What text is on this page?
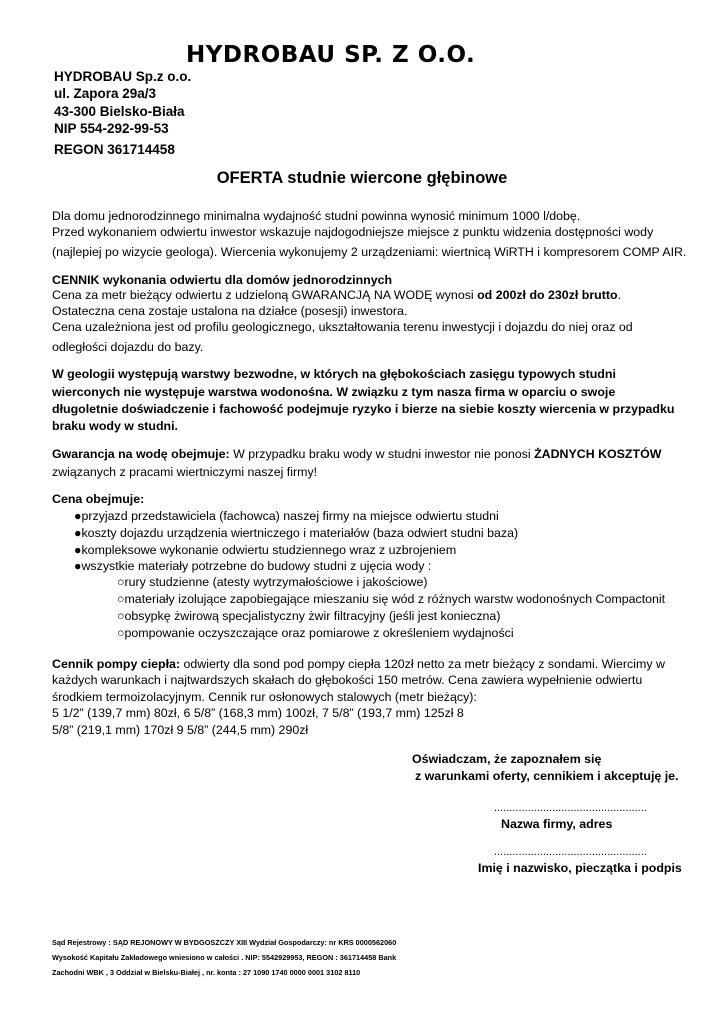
HYDROBAU SP. Z O.O.
HYDROBAU Sp.z o.o.
ul. Zapora 29a/3
43-300 Bielsko-Biała
NIP 554-292-99-53
REGON 361714458
OFERTA studnie wiercone głębinowe
Dla domu jednorodzinnego minimalna wydajność studni powinna wynosić minimum 1000 l/dobę.
Przed wykonaniem odwiertu inwestor wskazuje najdogodniejsze miejsce z punktu widzenia dostępności wody
(najlepiej po wizycie geologa). Wiercenia wykonujemy 2 urządzeniami: wiertnicą WiRTH i kompresorem COMP AIR.
CENNIK wykonania odwiertu dla domów jednorodzinnych
Cena za metr bieżący odwiertu z udzieloną GWARANCJĄ NA WODĘ wynosi od 200zł do 230zł brutto.
Ostateczna cena zostaje ustalona na działce (posesji) inwestora.
Cena uzależniona jest od profilu geologicznego, ukształtowania terenu inwestycji i dojazdu do niej oraz od
odległości dojazdu do bazy.
W geologii występują warstwy bezwodne, w których na głębokościach zasięgu typowych studni
wierconych nie występuje warstwa wodonośna. W związku z tym nasza firma w oparciu o swoje
długoletnie doświadczenie i fachowość podejmuje ryzyko i bierze na siebie koszty wiercenia w przypadku
braku wody w studni.
Gwarancja na wodę obejmuje: W przypadku braku wody w studni inwestor nie ponosi ŻADNYCH KOSZTÓW
związanych z pracami wiertniczymi naszej firmy!
Cena obejmuje:
●przyjazd przedstawiciela (fachowca) naszej firmy na miejsce odwiertu studni
●koszty dojazdu urządzenia wiertniczego i materiałów (baza odwiert studni baza)
●kompleksowe wykonanie odwiertu studziennego wraz z uzbrojeniem
●wszystkie materiały potrzebne do budowy studni z ujęcia wody :
○rury studzienne (atesty wytrzymałościowe i jakościowe)
○materiały izolujące zapobiegające mieszaniu się wód z różnych warstw wodonośnych Compactonit
○obsypkę żwirową specjalistyczny żwir filtracyjny (jeśli jest konieczna)
○pompowanie oczyszczające oraz pomiarowe z określeniem wydajności
Cennik pompy ciepła: odwierty dla sond pod pompy ciepła 120zł netto za metr bieżący z sondami. Wiercimy w
każdych warunkach i najtwardszych skałach do głębokości 150 metrów. Cena zawiera wypełnienie odwiertu
środkiem termoizolacyjnym. Cennik rur osłonowych stalowych (metr bieżący):
5 1/2” (139,7 mm) 80zł, 6 5/8” (168,3 mm) 100zł, 7 5/8” (193,7 mm) 125zł 8
5/8” (219,1 mm) 170zł 9 5/8” (244,5 mm) 290zł
Oświadczam, że zapoznałem się
z warunkami oferty, cennikiem i akceptuję je.
..................................................
Nazwa firmy, adres
..................................................
Imię i nazwisko, pieczątka i podpis
Sąd Rejestrowy : SĄD REJONOWY W BYDGOSZCZY XIII Wydział Gospodarczy: nr KRS 0000562060
Wysokość Kapitału Zakładowego wniesiono w całości . NIP: 5542929953, REGON : 361714458 Bank
Zachodni WBK , 3 Oddział w Bielsku-Białej , nr. konta : 27 1090 1740 0000 0001 3102 8110
